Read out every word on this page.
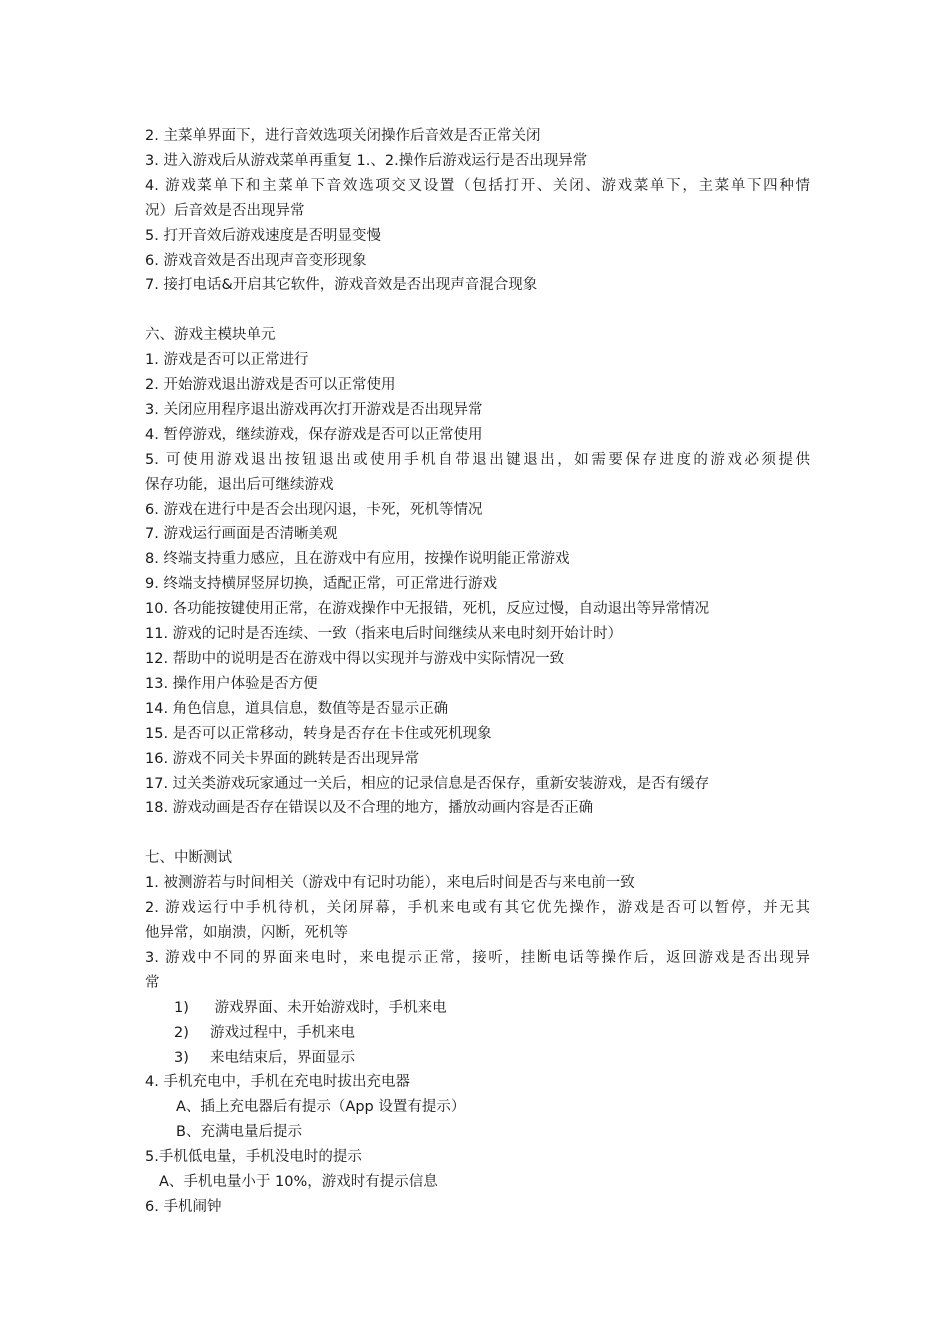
2. 主菜单界面下，进行音效选项关闭操作后音效是否正常关闭

3. 进入游戏后从游戏菜单再重复 1.、2.操作后游戏运行是否出现异常

4. 游戏菜单下和主菜单下音效选项交叉设置（包括打开、关闭、游戏菜单下，主菜单下四种情

况）后音效是否出现异常

5. 打开音效后游戏速度是否明显变慢

6. 游戏音效是否出现声音变形现象

7. 接打电话&开启其它软件，游戏音效是否出现声音混合现象

六、游戏主模块单元

1. 游戏是否可以正常进行

2. 开始游戏退出游戏是否可以正常使用

3. 关闭应用程序退出游戏再次打开游戏是否出现异常

4. 暂停游戏，继续游戏，保存游戏是否可以正常使用

5. 可使用游戏退出按钮退出或使用手机自带退出键退出，如需要保存进度的游戏必须提供

保存功能，退出后可继续游戏

6. 游戏在进行中是否会出现闪退，卡死，死机等情况

7. 游戏运行画面是否清晰美观

8. 终端支持重力感应，且在游戏中有应用，按操作说明能正常游戏

9. 终端支持横屏竖屏切换，适配正常，可正常进行游戏

10. 各功能按键使用正常，在游戏操作中无报错，死机，反应过慢，自动退出等异常情况

11. 游戏的记时是否连续、一致（指来电后时间继续从来电时刻开始计时）

12. 帮助中的说明是否在游戏中得以实现并与游戏中实际情况一致

13. 操作用户体验是否方便

14. 角色信息，道具信息，数值等是否显示正确

15. 是否可以正常移动，转身是否存在卡住或死机现象

16. 游戏不同关卡界面的跳转是否出现异常

17. 过关类游戏玩家通过一关后，相应的记录信息是否保存，重新安装游戏，是否有缓存

18. 游戏动画是否存在错误以及不合理的地方，播放动画内容是否正确

七、中断测试

1. 被测游若与时间相关（游戏中有记时功能），来电后时间是否与来电前一致

2. 游戏运行中手机待机，关闭屏幕，手机来电或有其它优先操作，游戏是否可以暂停，并无其

他异常，如崩溃，闪断，死机等

3. 游戏中不同的界面来电时，来电提示正常，接听，挂断电话等操作后，返回游戏是否出现异

常

1) 游戏界面、未开始游戏时，手机来电

2) 游戏过程中，手机来电

3) 来电结束后，界面显示

4. 手机充电中，手机在充电时拔出充电器

A、插上充电器后有提示（App 设置有提示）

B、充满电量后提示

5.手机低电量，手机没电时的提示

A、手机电量小于 10%，游戏时有提示信息

6. 手机闹钟
